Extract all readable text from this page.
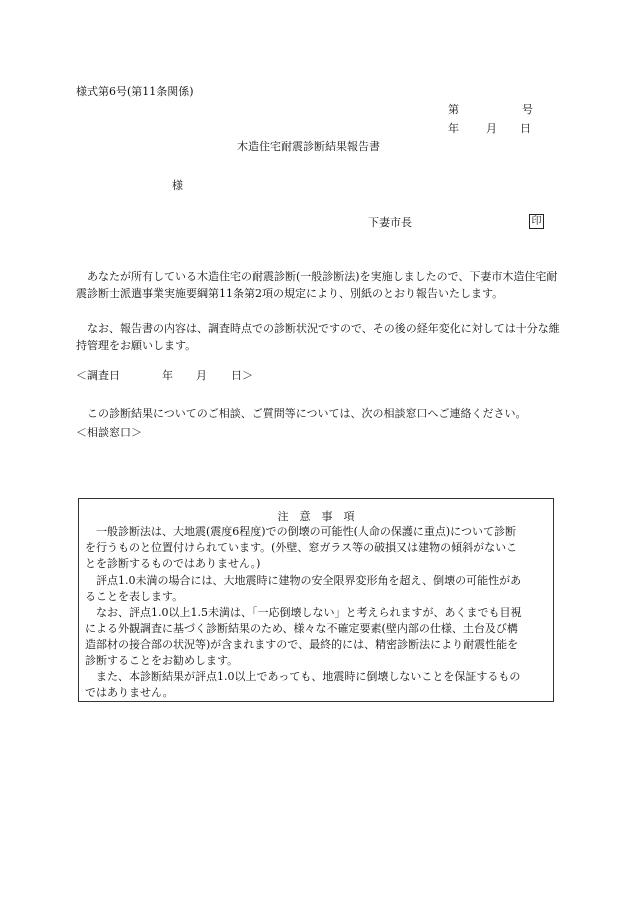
様式第6号(第11条関係)
第	号
年 月 日
木造住宅耐震診断結果報告書
様
下妻市長	印
　あなたが所有している木造住宅の耐震診断(一般診断法)を実施しましたので、下妻市木造住宅耐震診断士派遣事業実施要綱第11条第2項の規定により、別紙のとおり報告いたします。
　なお、報告書の内容は、調査時点での診断状況ですので、その後の経年変化に対しては十分な維持管理をお願いします。
＜調査日	年 月 日＞
　この診断結果についてのご相談、ご質問等については、次の相談窓口へご連絡ください。
＜相談窓口＞
注　意　事　項
　一般診断法は、大地震(震度6程度)での倒壊の可能性(人命の保護に重点)について診断
を行うものと位置付けられています。(外壁、窓ガラス等の破損又は建物の傾斜がないこ
とを診断するものではありません。)
　評点1.0未満の場合には、大地震時に建物の安全限界変形角を超え、倒壊の可能性があ
ることを表します。
　なお、評点1.0以上1.5未満は、「一応倒壊しない」と考えられますが、あくまでも目視
による外観調査に基づく診断結果のため、様々な不確定要素(壁内部の仕様、土台及び構
造部材の接合部の状況等)が含まれますので、最終的には、精密診断法により耐震性能を
診断することをお勧めします。
　また、本診断結果が評点1.0以上であっても、地震時に倒壊しないことを保証するもの
ではありません。
